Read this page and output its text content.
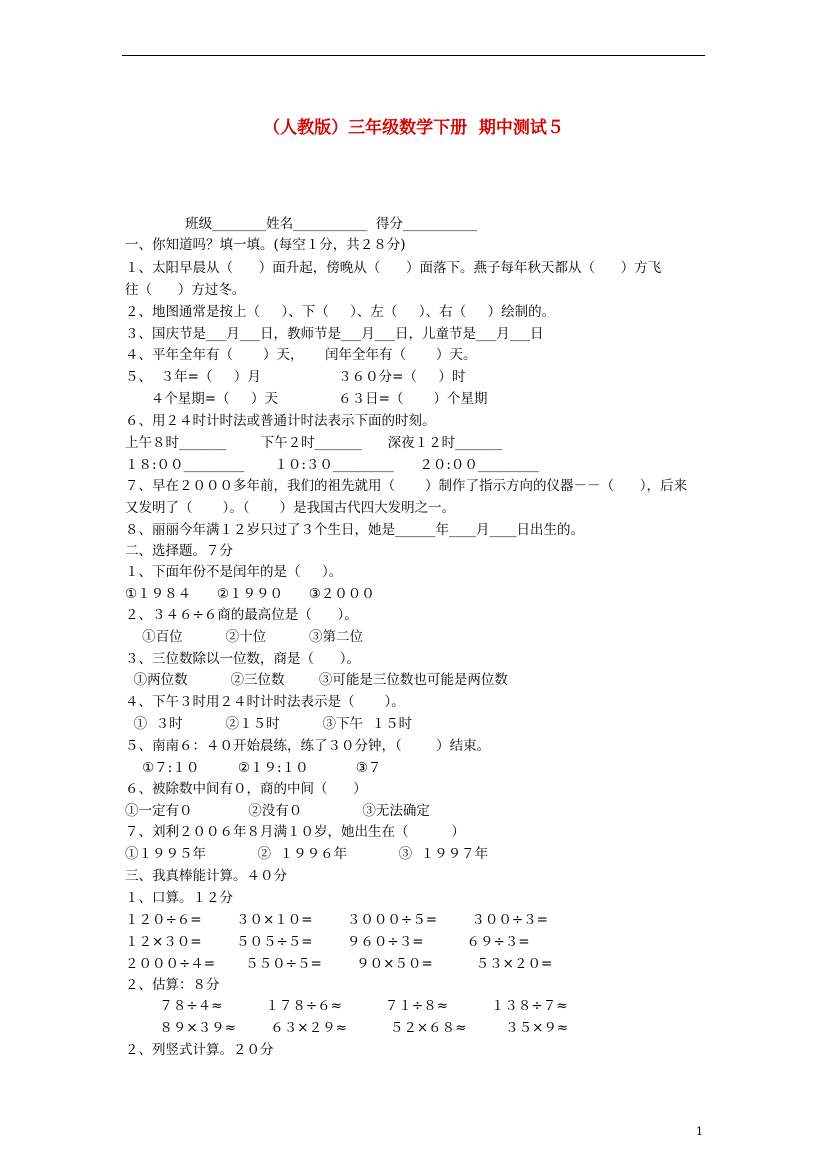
（人教版）三年级数学下册  期中测试５
班级________姓名___________  得分___________
一、你知道吗？填一填。(每空１分，共２８分)
１、太阳早晨从（      ）面升起，傍晚从（      ）面落下。燕子每年秋天都从（      ）方飞
往（      ）方过冬。
２、地图通常是按上（     ）、下（     ）、左（     ）、右（     ）绘制的。
３、国庆节是___月___日，教师节是___月___日，儿童节是___月___日
４、平年全年有（       ）天，     闰年全年有（       ）天。
５、  ３年=（     ）月                  ３６０分=（     ）时
４个星期=（     ）天              ６３日=（       ）个星期
６、用２４时计时法或普通计时法表示下面的时刻。
上午８时_______        下午２时_______      深夜１２时_______
１８:００_________       １０:３０_________      ２０:００_________
７、早在２０００多年前，我们的祖先就用（       ）制作了指示方向的仪器－－（      ），后来
又发明了（       ）。（       ）是我国古代四大发明之一。
８、丽丽今年满１２岁只过了３个生日，她是______年____月____日出生的。
二、选择题。７分
１、下面年份不是闰年的是（     ）。
①１９８４      ②１９９０      ③２０００
２、３４６÷６商的最高位是（      ）。
①百位          ②十位          ③第二位
３、三位数除以一位数，商是（      ）。
①两位数          ②三位数        ③可能是三位数也可能是两位数
４、下午３时用２４时计时法表示是（       ）。
①  ３时          ②１５时          ③下午  １５时
５、南南６：４０开始晨练，练了３０分钟，（        ）结束。
①７:１０         ②１９:１０           ③７
６、被除数中间有０，商的中间（      ）
①一定有０             ②没有０              ③无法确定
７、刘利２００６年８月满１０岁，她出生在（          ）
①１９９５年            ②  １９９６年            ③  １９９７年
三、我真棒能计算。４０分
１、口算。１２分
１２０÷６=        ３０×１０=        ３０００÷５=        ３００÷３=
１２×３０=        ５０５÷５=        ９６０÷３=          ６９÷３=
２０００÷４=       ５５０÷５=        ９０×５０=          ５３×２０=
２、估算：８分
７８÷４≈          １７８÷６≈          ７１÷８≈          １３８÷７≈
８９×３９≈        ６３×２９≈          ５２×６８≈         ３５×９≈
２、列竖式计算。２０分
1
